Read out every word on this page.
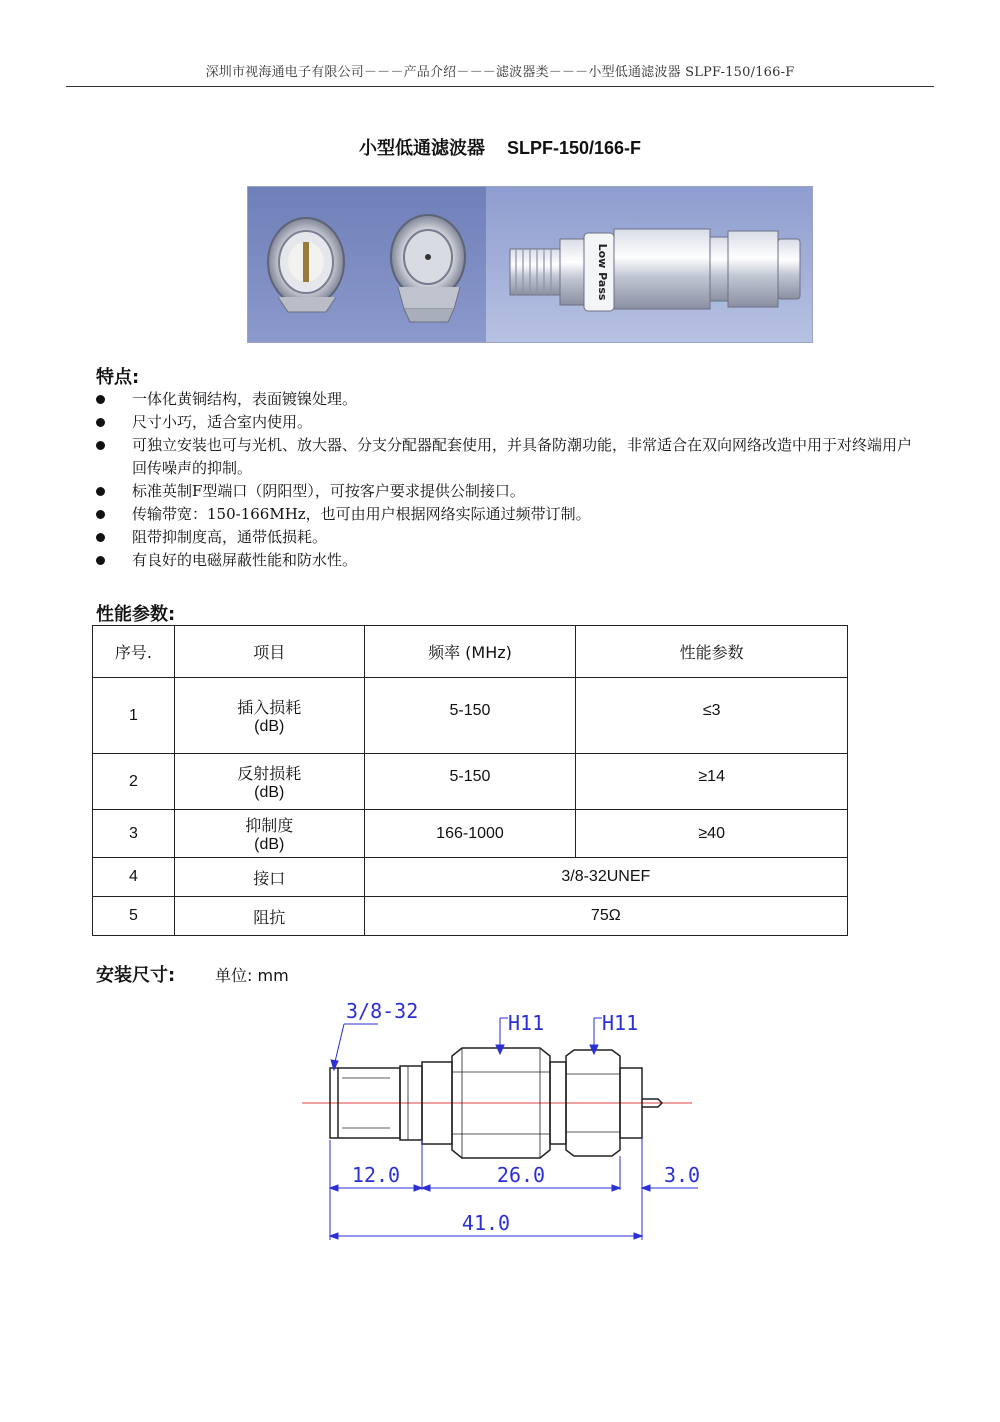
深圳市视海通电子有限公司－－－产品介绍－－－滤波器类－－－小型低通滤波器 SLPF-150/166-F
小型低通滤波器 SLPF-150/166-F
Low Pass
特点:
一体化黄铜结构，表面镀镍处理。
尺寸小巧，适合室内使用。
可独立安装也可与光机、放大器、分支分配器配套使用，并具备防潮功能，非常适合在双向网络改造中用于对终端用户回传噪声的抑制。
标准英制F型端口（阴阳型），可按客户要求提供公制接口。
传输带宽：150-166MHz，也可由用户根据网络实际通过频带订制。
阻带抑制度高，通带低损耗。
有良好的电磁屏蔽性能和防水性。
性能参数:
序号.	项目	频率 (MHz)	性能参数
1	插入损耗
(dB)	5-150	≤3
2	反射损耗
(dB)	5-150	≥14
3	抑制度
(dB)	166-1000	≥40
4	接口	3/8-32UNEF	
5	阻抗	75Ω	
安装尺寸: 单位: mm
3/8-32	H11	H11
12.0	26.0	3.0
41.0
